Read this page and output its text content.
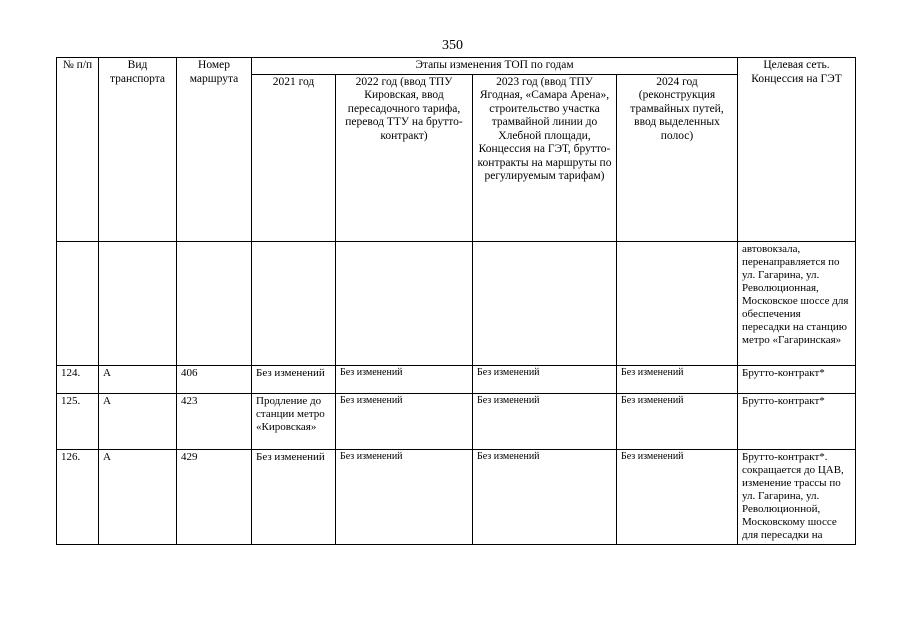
350
№ п/п	Вид транспорта	Номер маршрута	Этапы изменения ТОП по годам				Целевая сеть. Концессия на ГЭТ
			2021 год	2022 год (ввод ТПУ Кировская, ввод пересадочного тарифа, перевод ТТУ на брутто-контракт)	2023 год (ввод ТПУ Ягодная, «Самара Арена», строительство участка трамвайной линии до Хлебной площади, Концессия на ГЭТ, брутто-контракты на маршруты по регулируемым тарифам)	2024 год (реконструкция трамвайных путей, ввод выделенных полос)	
							автовокзала, перенаправляется по ул. Гагарина, ул. Революционная, Московское шоссе для обеспечения пересадки на станцию метро «Гагаринская»
124.	А	406	Без изменений	Без изменений	Без изменений	Без изменений	Брутто-контракт*
125.	А	423	Продление до станции метро «Кировская»	Без изменений	Без изменений	Без изменений	Брутто-контракт*
126.	А	429	Без изменений	Без изменений	Без изменений	Без изменений	Брутто-контракт*. сокращается до ЦАВ, изменение трассы по ул. Гагарина, ул. Революционной, Московскому шоссе для пересадки на
